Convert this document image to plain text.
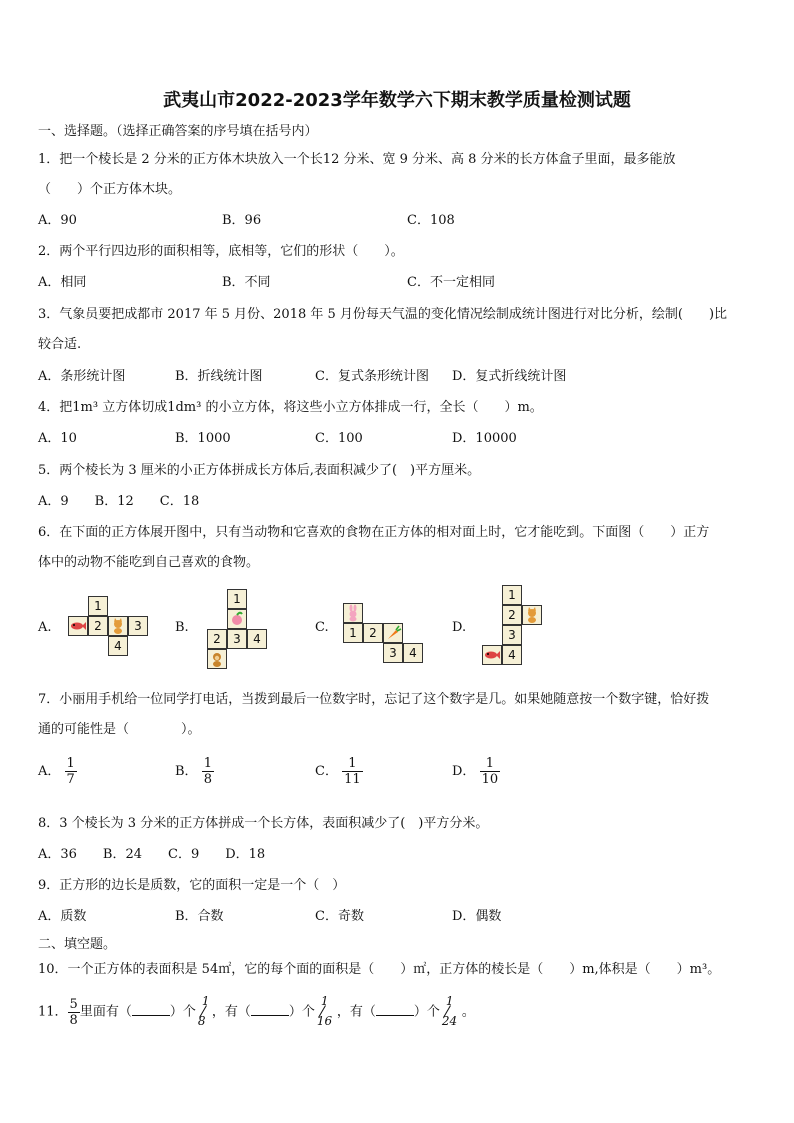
武夷山市2022-2023学年数学六下期末教学质量检测试题
一、选择题。（选择正确答案的序号填在括号内）
1．把一个棱长是 2 分米的正方体木块放入一个长12 分米、宽 9 分米、高 8 分米的长方体盒子里面，最多能放
（　　）个正方体木块。
A．90	B．96	C．108
2．两个平行四边形的面积相等，底相等，它们的形状（　　）。
A．相同	B．不同	C．不一定相同
3．气象员要把成都市 2017 年 5 月份、2018 年 5 月份每天气温的变化情况绘制成统计图进行对比分析，绘制(　　)比
较合适.
A．条形统计图	B．折线统计图	C．复式条形统计图 D．复式折线统计图
4．把1m³ 立方体切成1dm³ 的小立方体，将这些小立方体排成一行，全长（　　）m。
A．10	B．1000	C．100	D．10000
5．两个棱长为 3 厘米的小正方体拼成长方体后,表面积减少了(　)平方厘米。
A．9　　B．12　　C．18
6．在下面的正方体展开图中，只有当动物和它喜欢的食物在正方体的相对面上时，它才能吃到。下面图（　　）正方
体中的动物不能吃到自己喜欢的食物。
A.
1
2	3
4
B.
1
2	3	4
C.	1	2
3	4
D.
1
2
3
4
7．小丽用手机给一位同学打电话，当拨到最后一位数字时，忘记了这个数字是几。如果她随意按一个数字键，恰好拨
通的可能性是（　　　　）。
A． $\frac{1}{7}$	B． $\frac{1}{8}$	C． $\frac{1}{11}$	D． $\frac{1}{10}$
8．3 个棱长为 3 分米的正方体拼成一个长方体，表面积减少了(　)平方分米。
A．36　　B．24　　C．9　　D．18
9．正方形的边长是质数，它的面积一定是一个（　）
A．质数	B．合数	C．奇数	D．偶数
二、填空题。
10．一个正方体的表面积是 54㎡，它的每个面的面积是（　　）㎡，正方体的棱长是（　　）m,体积是（　　）m³。
11． $\frac{5}{8}$ 里面有（	）个
1
8
，有（	）个
1
16
，有（	）个
1
24
。
